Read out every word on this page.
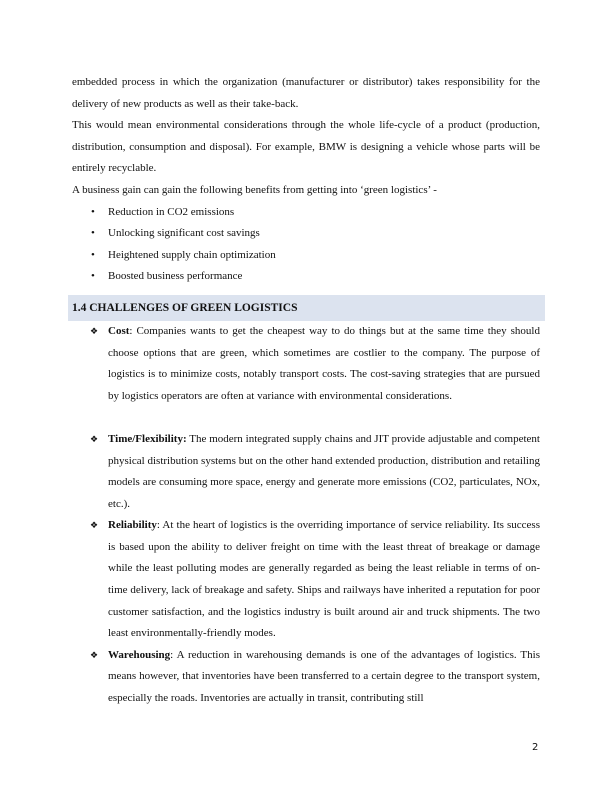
embedded process in which the organization (manufacturer or distributor) takes responsibility for the delivery of new products as well as their take-back.

This would mean environmental considerations through the whole life-cycle of a product (production, distribution, consumption and disposal). For example, BMW is designing a vehicle whose parts will be entirely recyclable.

A business gain can gain the following benefits from getting into ‘green logistics’ -

• Reduction in CO2 emissions
• Unlocking significant cost savings
• Heightened supply chain optimization
• Boosted business performance
1.4 CHALLENGES OF GREEN LOGISTICS
❖ Cost: Companies wants to get the cheapest way to do things but at the same time they should choose options that are green, which sometimes are costlier to the company. The purpose of logistics is to minimize costs, notably transport costs. The cost-saving strategies that are pursued by logistics operators are often at variance with environmental considerations.
❖ Time/Flexibility: The modern integrated supply chains and JIT provide adjustable and competent physical distribution systems but on the other hand extended production, distribution and retailing models are consuming more space, energy and generate more emissions (CO2, particulates, NOx, etc.).
❖ Reliability: At the heart of logistics is the overriding importance of service reliability. Its success is based upon the ability to deliver freight on time with the least threat of breakage or damage while the least polluting modes are generally regarded as being the least reliable in terms of on-time delivery, lack of breakage and safety. Ships and railways have inherited a reputation for poor customer satisfaction, and the logistics industry is built around air and truck shipments. The two least environmentally-friendly modes.
❖ Warehousing: A reduction in warehousing demands is one of the advantages of logistics. This means however, that inventories have been transferred to a certain degree to the transport system, especially the roads. Inventories are actually in transit, contributing still
2
